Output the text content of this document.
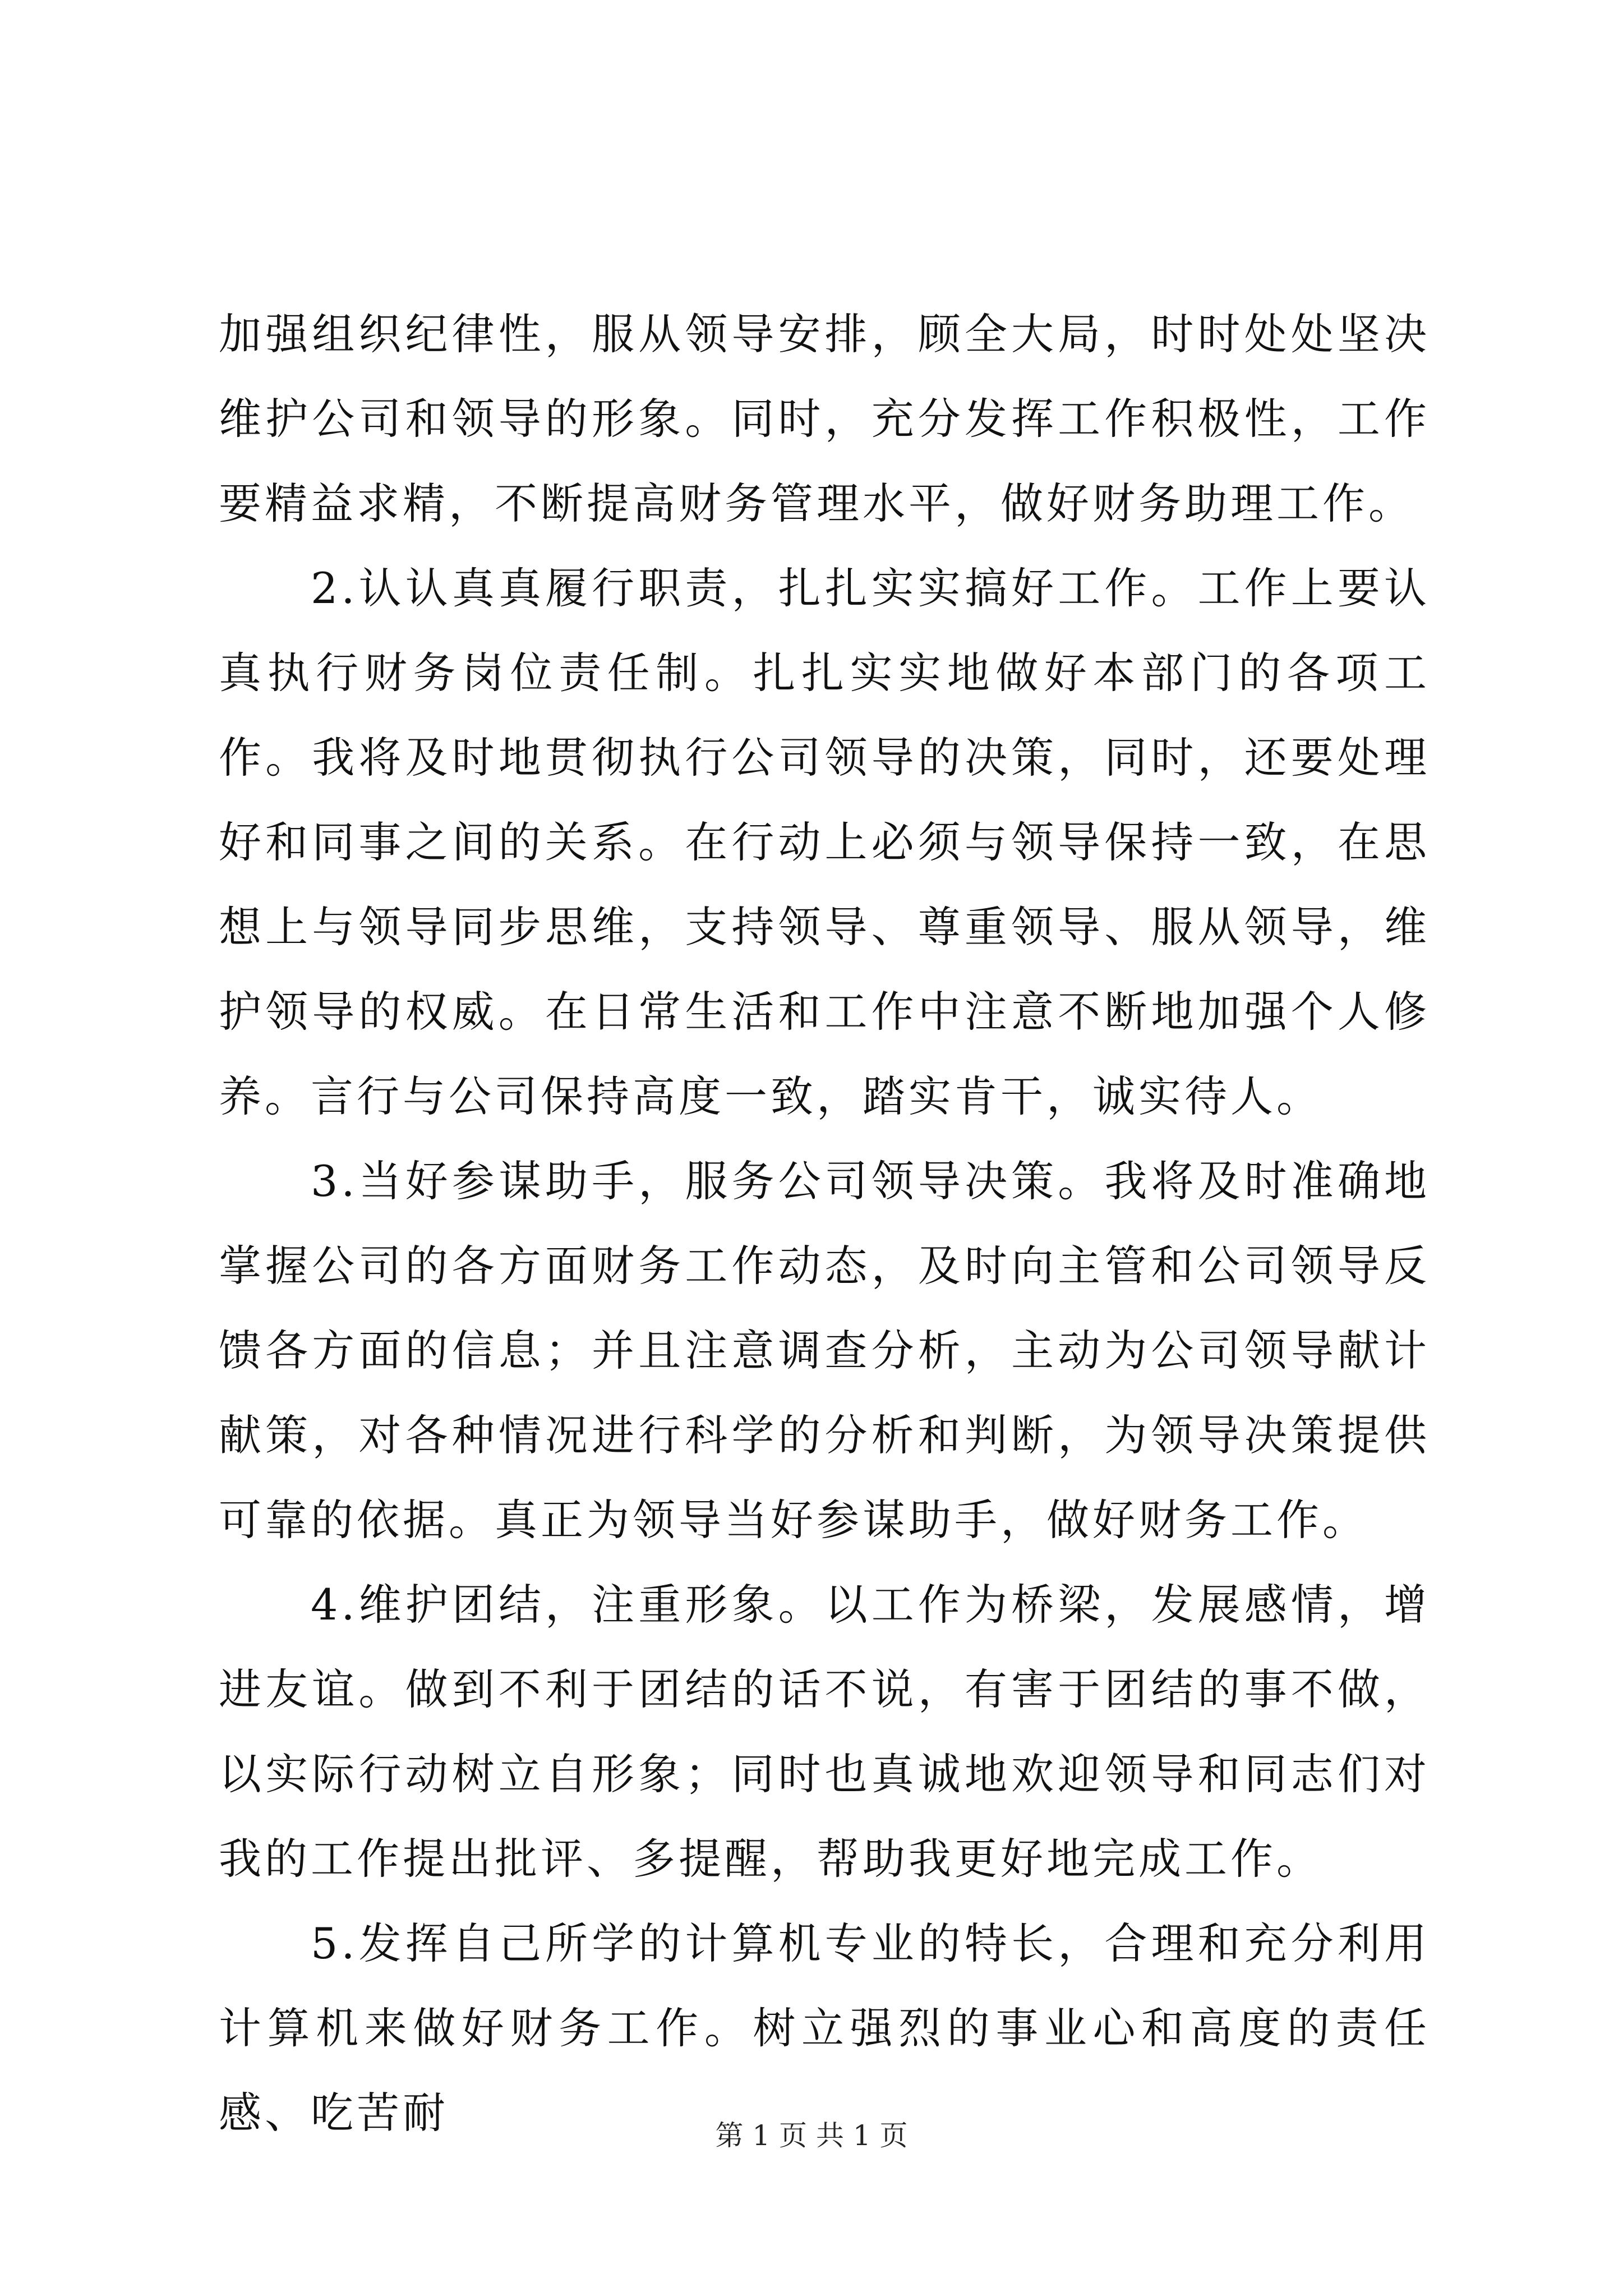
加强组织纪律性，服从领导安排，顾全大局，时时处处坚决维护公司和领导的形象。同时，充分发挥工作积极性，工作要精益求精，不断提高财务管理水平，做好财务助理工作。

2.认认真真履行职责，扎扎实实搞好工作。工作上要认真执行财务岗位责任制。扎扎实实地做好本部门的各项工作。我将及时地贯彻执行公司领导的决策，同时，还要处理好和同事之间的关系。在行动上必须与领导保持一致，在思想上与领导同步思维，支持领导、尊重领导、服从领导，维护领导的权威。在日常生活和工作中注意不断地加强个人修养。言行与公司保持高度一致，踏实肯干，诚实待人。

3.当好参谋助手，服务公司领导决策。我将及时准确地掌握公司的各方面财务工作动态，及时向主管和公司领导反馈各方面的信息；并且注意调查分析，主动为公司领导献计献策，对各种情况进行科学的分析和判断，为领导决策提供可靠的依据。真正为领导当好参谋助手，做好财务工作。

4.维护团结，注重形象。以工作为桥梁，发展感情，增进友谊。做到不利于团结的话不说，有害于团结的事不做，以实际行动树立自形象；同时也真诚地欢迎领导和同志们对我的工作提出批评、多提醒，帮助我更好地完成工作。

5.发挥自己所学的计算机专业的特长，合理和充分利用计算机来做好财务工作。树立强烈的事业心和高度的责任感、吃苦耐	第 1 页 共 1 页
